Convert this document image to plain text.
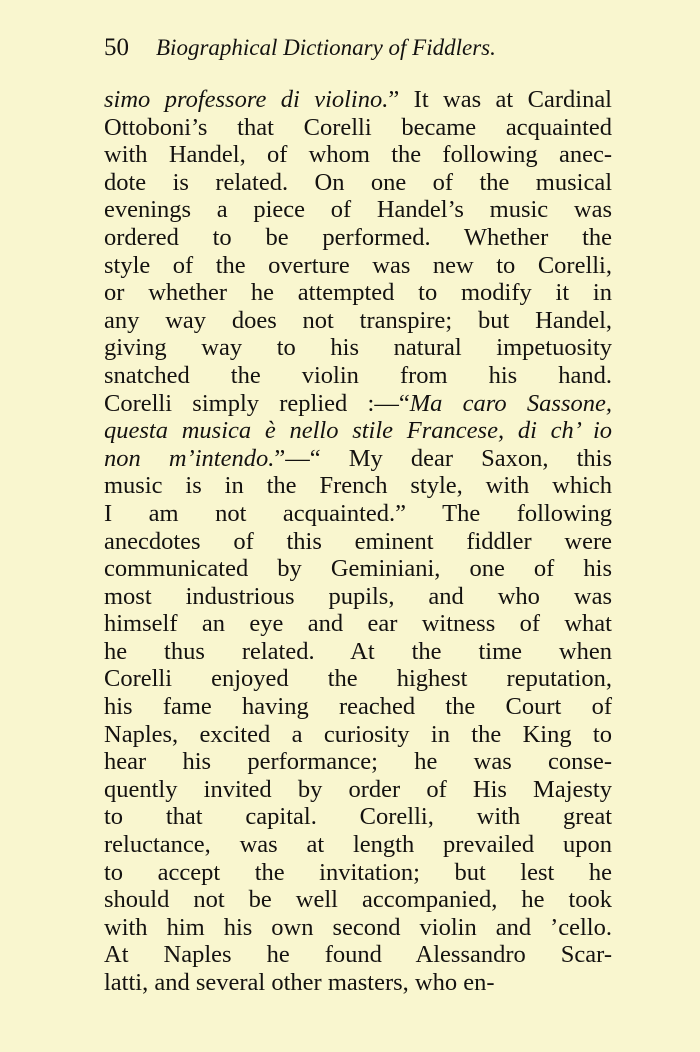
50 Biographical Dictionary of Fiddlers.
simo professore di violino.” It was at Cardinal
Ottoboni’s that Corelli became acquainted
with Handel, of whom the following anec-
dote is related. On one of the musical
evenings a piece of Handel’s music was
ordered to be performed. Whether the
style of the overture was new to Corelli,
or whether he attempted to modify it in
any way does not transpire; but Handel,
giving way to his natural impetuosity
snatched the violin from his hand.
Corelli simply replied :—“Ma caro Sassone,
questa musica è nello stile Francese, di ch’ io
non m’intendo.”—“ My dear Saxon, this
music is in the French style, with which
I am not acquainted.” The following
anecdotes of this eminent fiddler were
communicated by Geminiani, one of his
most industrious pupils, and who was
himself an eye and ear witness of what
he thus related. At the time when
Corelli enjoyed the highest reputation,
his fame having reached the Court of
Naples, excited a curiosity in the King to
hear his performance; he was conse-
quently invited by order of His Majesty
to that capital. Corelli, with great
reluctance, was at length prevailed upon
to accept the invitation; but lest he
should not be well accompanied, he took
with him his own second violin and ’cello.
At Naples he found Alessandro Scar-
latti, and several other masters, who en-
